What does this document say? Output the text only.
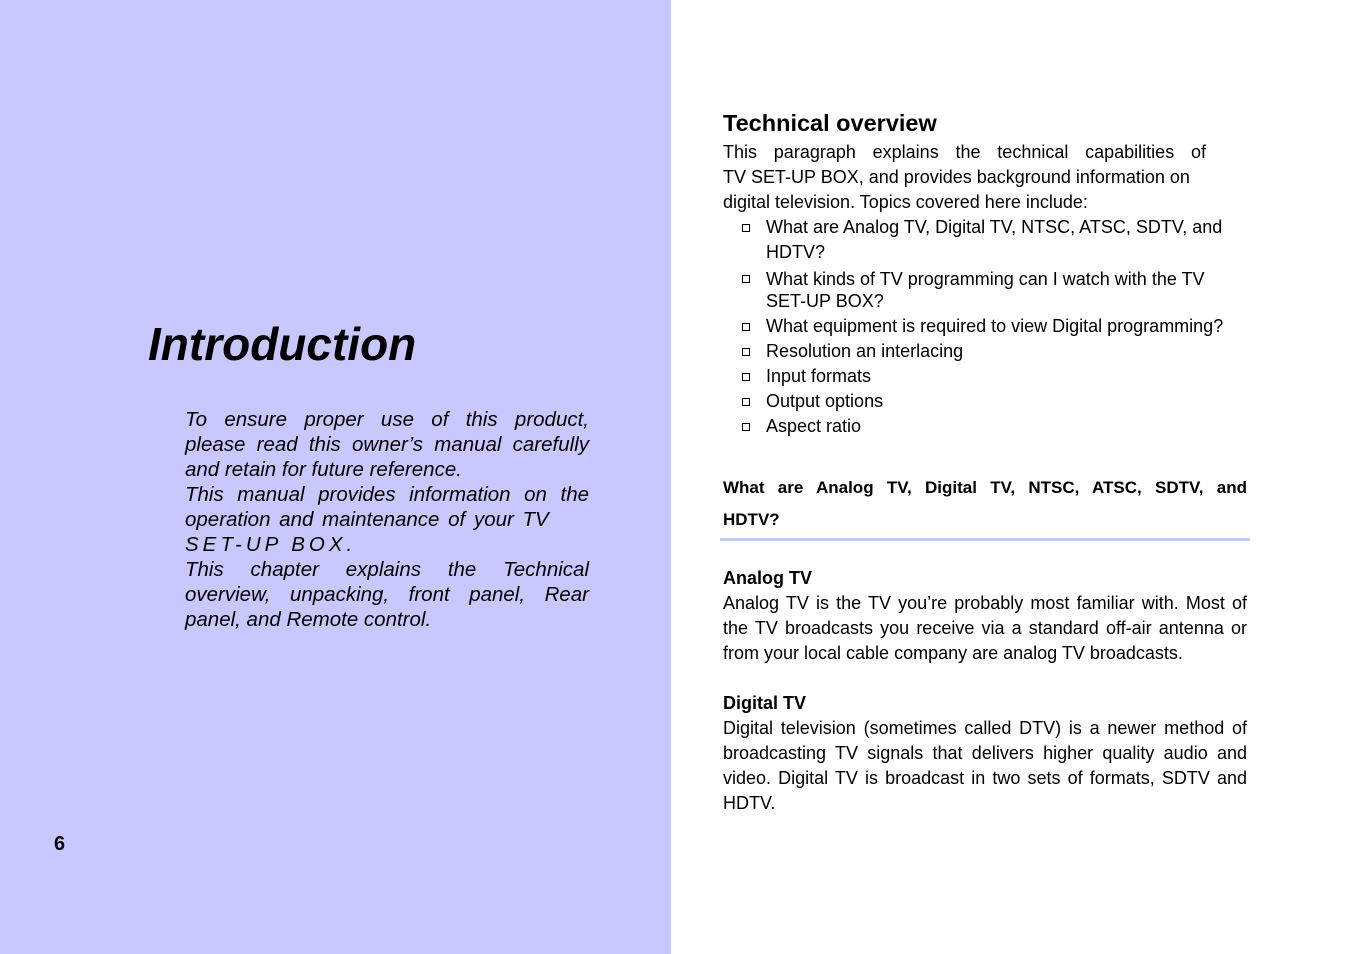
Introduction
To ensure proper use of this product,
please read this owner’s manual carefully
and retain for future reference.
This manual provides information on the
operation and maintenance of your TV
SET-UP BOX.
This chapter explains the Technical
overview, unpacking, front panel, Rear
panel, and Remote control.
6
Technical overview
This paragraph explains the technical capabilities of
TV SET-UP BOX, and provides background information on
digital television. Topics covered here include:
What are Analog TV, Digital TV, NTSC, ATSC, SDTV, and
HDTV?
What kinds of TV programming can I watch with the TV
SET-UP BOX?
What equipment is required to view Digital programming?
Resolution an interlacing
Input formats
Output options
Aspect ratio
What are Analog TV, Digital TV, NTSC, ATSC, SDTV, and
HDTV?
Analog TV
Analog TV is the TV you’re probably most familiar with. Most of
the TV broadcasts you receive via a standard off-air antenna or
from your local cable company are analog TV broadcasts.
Digital TV
Digital television (sometimes called DTV) is a newer method of
broadcasting TV signals that delivers higher quality audio and
video. Digital TV is broadcast in two sets of formats, SDTV and
HDTV.
